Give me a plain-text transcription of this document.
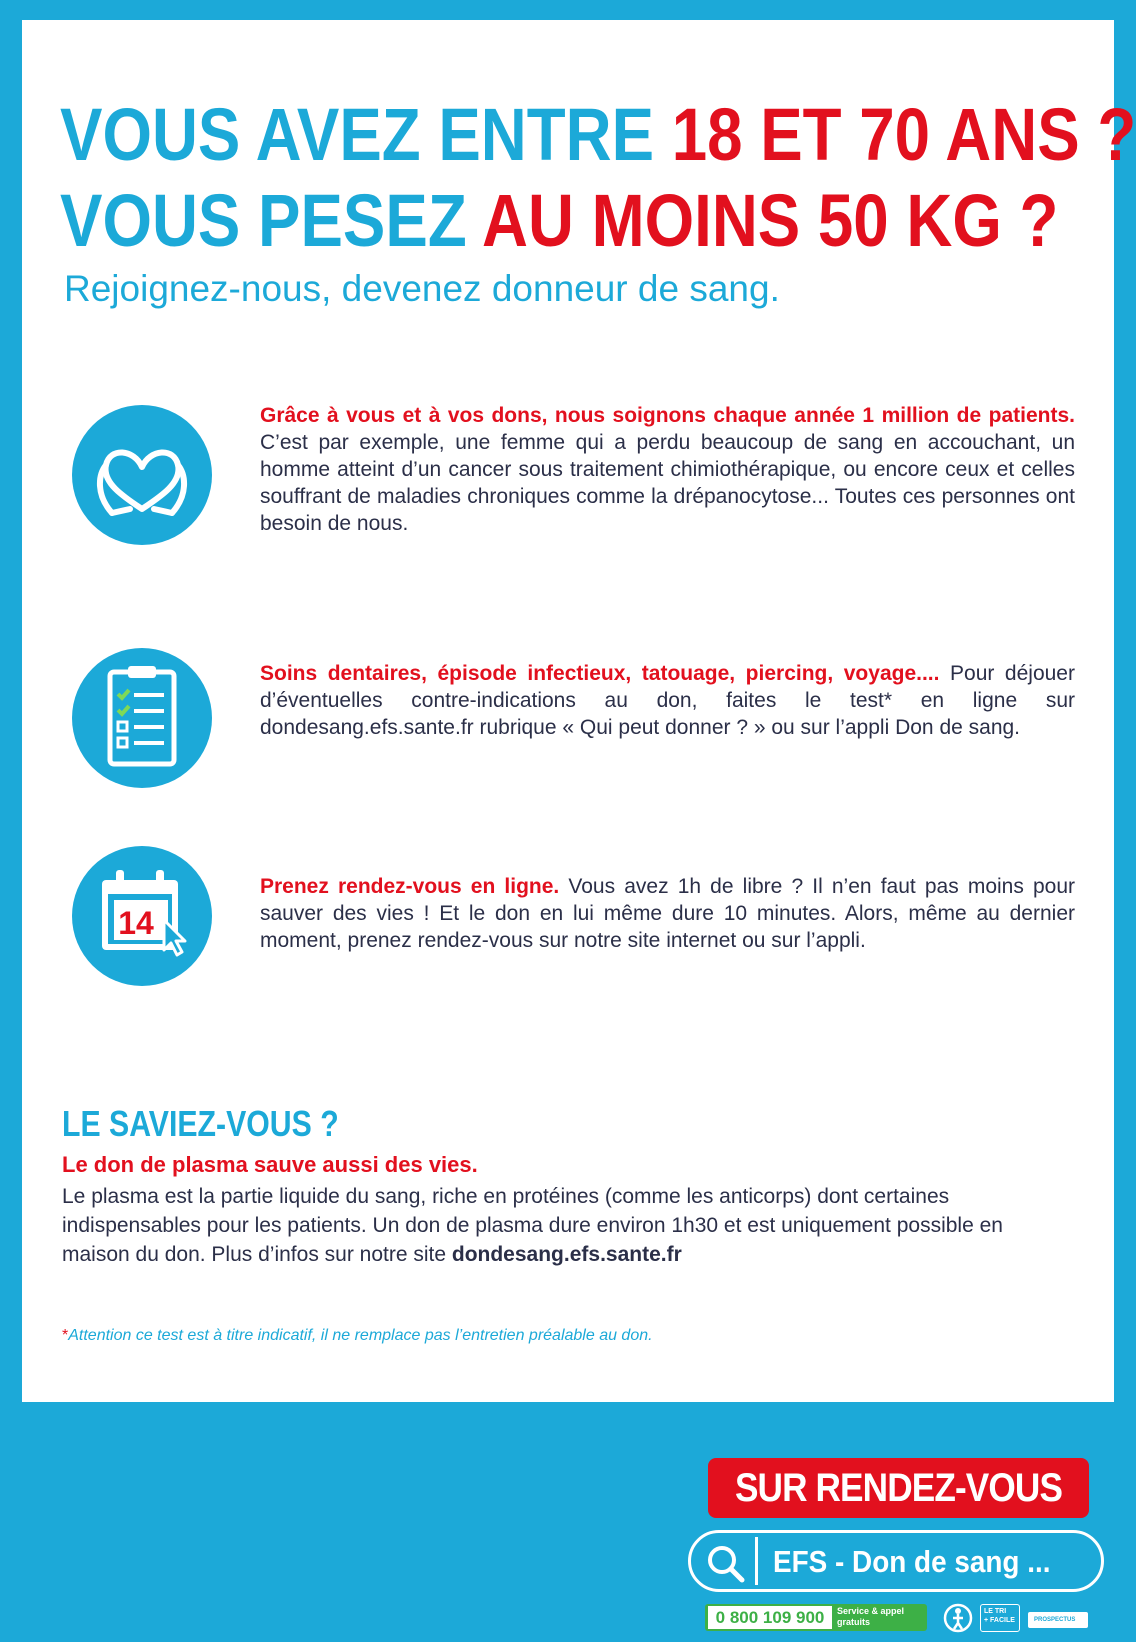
VOUS AVEZ ENTRE 18 ET 70 ANS ?
VOUS PESEZ AU MOINS 50 KG ?
Rejoignez-nous, devenez donneur de sang.
Grâce à vous et à vos dons, nous soignons chaque année 1 million de patients. C’est par exemple, une femme qui a perdu beaucoup de sang en accouchant, un homme atteint d’un cancer sous traitement chimiothérapique, ou encore ceux et celles souffrant de maladies chroniques comme la drépanocytose... Toutes ces personnes ont besoin de nous.
Soins dentaires, épisode infectieux, tatouage, piercing, voyage.... Pour déjouer d’éventuelles contre-indications au don, faites le test* en ligne sur dondesang.efs.sante.fr rubrique « Qui peut donner ? » ou sur l’appli Don de sang.
14
Prenez rendez-vous en ligne. Vous avez 1h de libre ? Il n’en faut pas moins pour sauver des vies ! Et le don en lui même dure 10 minutes. Alors, même au dernier moment, prenez rendez-vous sur notre site internet ou sur l’appli.
LE SAVIEZ-VOUS ?
Le don de plasma sauve aussi des vies.
Le plasma est la partie liquide du sang, riche en protéines (comme les anticorps) dont certaines indispensables pour les patients. Un don de plasma dure environ 1h30 et est uniquement possible en maison du don. Plus d’infos sur notre site dondesang.efs.sante.fr
*Attention ce test est à titre indicatif, il ne remplace pas l’entretien préalable au don.
SUR RENDEZ-VOUS
EFS - Don de sang ...
0 800 109 900	Service & appel
gratuits
LE TRI
+ FACILE	PROSPECTUS
